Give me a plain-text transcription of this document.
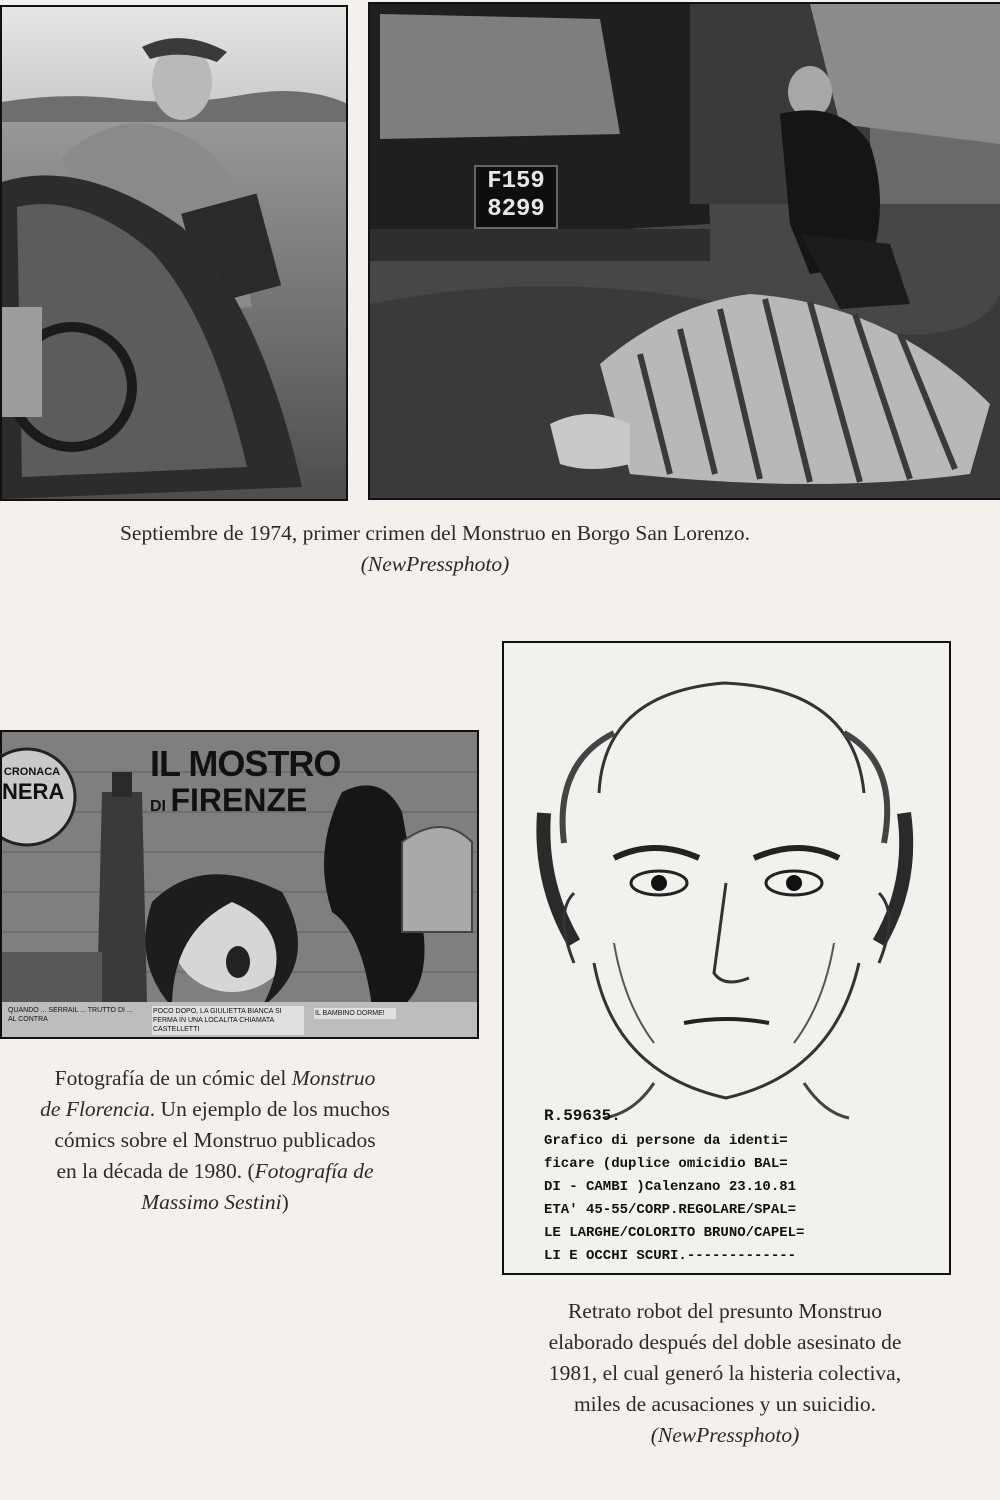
F159
8299
Septiembre de 1974, primer crimen del Monstruo en Borgo San Lorenzo.
(NewPressphoto)
CRONACA
NERA
IL MOSTRO
DI FIRENZE
QUANDO ... SERRAIL ... TRUTTO DI ... AL CONTRA
POCO DOPO, LA GIULIETTA BIANCA SI FERMA IN UNA LOCALITA CHIAMATA CASTELLETTI
IL BAMBINO DORME!
Fotografía de un cómic del Monstruo
de Florencia. Un ejemplo de los muchos
cómics sobre el Monstruo publicados
en la década de 1980. (Fotografía de
Massimo Sestini)
R.59635.
Grafico di persone da identi=
ficare (duplice omicidio BAL=
DI - CAMBI )Calenzano 23.10.81
ETA' 45-55/CORP.REGOLARE/SPAL=
LE LARGHE/COLORITO BRUNO/CAPEL=
LI E OCCHI SCURI.-------------
Retrato robot del presunto Monstruo
elaborado después del doble asesinato de
1981, el cual generó la histeria colectiva,
miles de acusaciones y un suicidio.
(NewPressphoto)
